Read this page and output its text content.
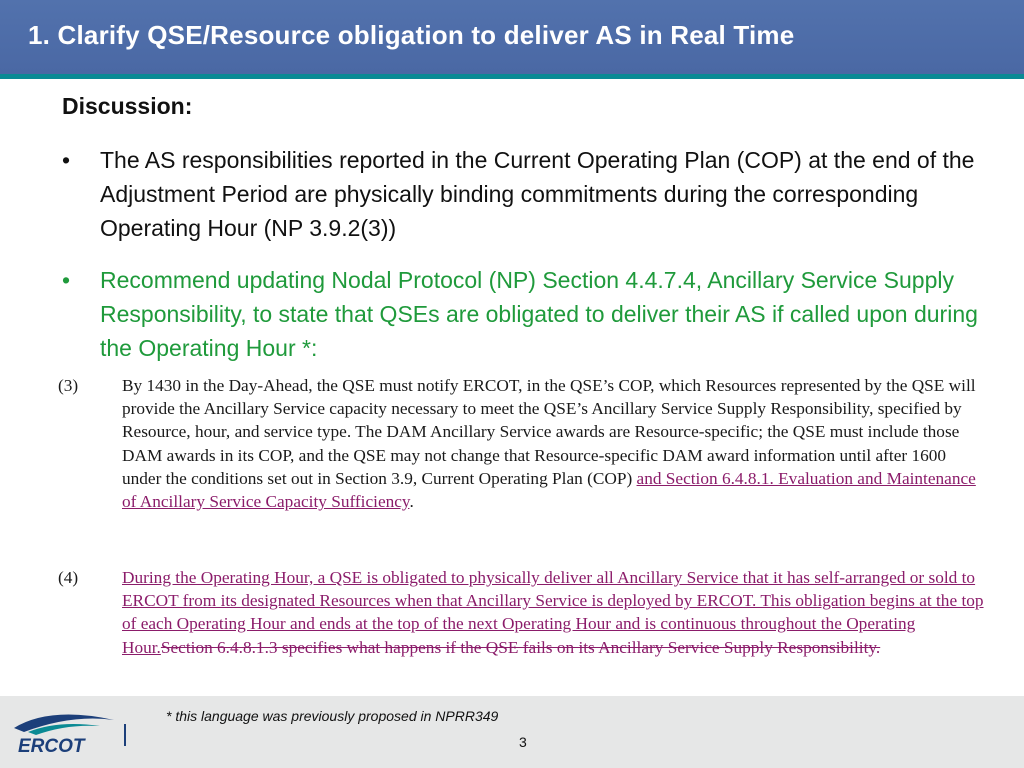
1. Clarify QSE/Resource obligation to deliver AS in Real Time
Discussion:
• The AS responsibilities reported in the Current Operating Plan (COP) at the end of the Adjustment Period are physically binding commitments during the corresponding Operating Hour (NP 3.9.2(3))
• Recommend updating Nodal Protocol (NP) Section 4.4.7.4, Ancillary Service Supply Responsibility, to state that QSEs are obligated to deliver their AS if called upon during the Operating Hour *:
(3)	By 1430 in the Day-Ahead, the QSE must notify ERCOT, in the QSE’s COP, which Resources represented by the QSE will provide the Ancillary Service capacity necessary to meet the QSE’s Ancillary Service Supply Responsibility, specified by Resource, hour, and service type. The DAM Ancillary Service awards are Resource-specific; the QSE must include those DAM awards in its COP, and the QSE may not change that Resource-specific DAM award information until after 1600 under the conditions set out in Section 3.9, Current Operating Plan (COP) and Section 6.4.8.1. Evaluation and Maintenance of Ancillary Service Capacity Sufficiency.
(4)	During the Operating Hour, a QSE is obligated to physically deliver all Ancillary Service that it has self-arranged or sold to ERCOT from its designated Resources when that Ancillary Service is deployed by ERCOT. This obligation begins at the top of each Operating Hour and ends at the top of the next Operating Hour and is continuous throughout the Operating Hour.Section 6.4.8.1.3 specifies what happens if the QSE fails on its Ancillary Service Supply Responsibility.
ERCOT
* this language was previously proposed in NPRR349
3
